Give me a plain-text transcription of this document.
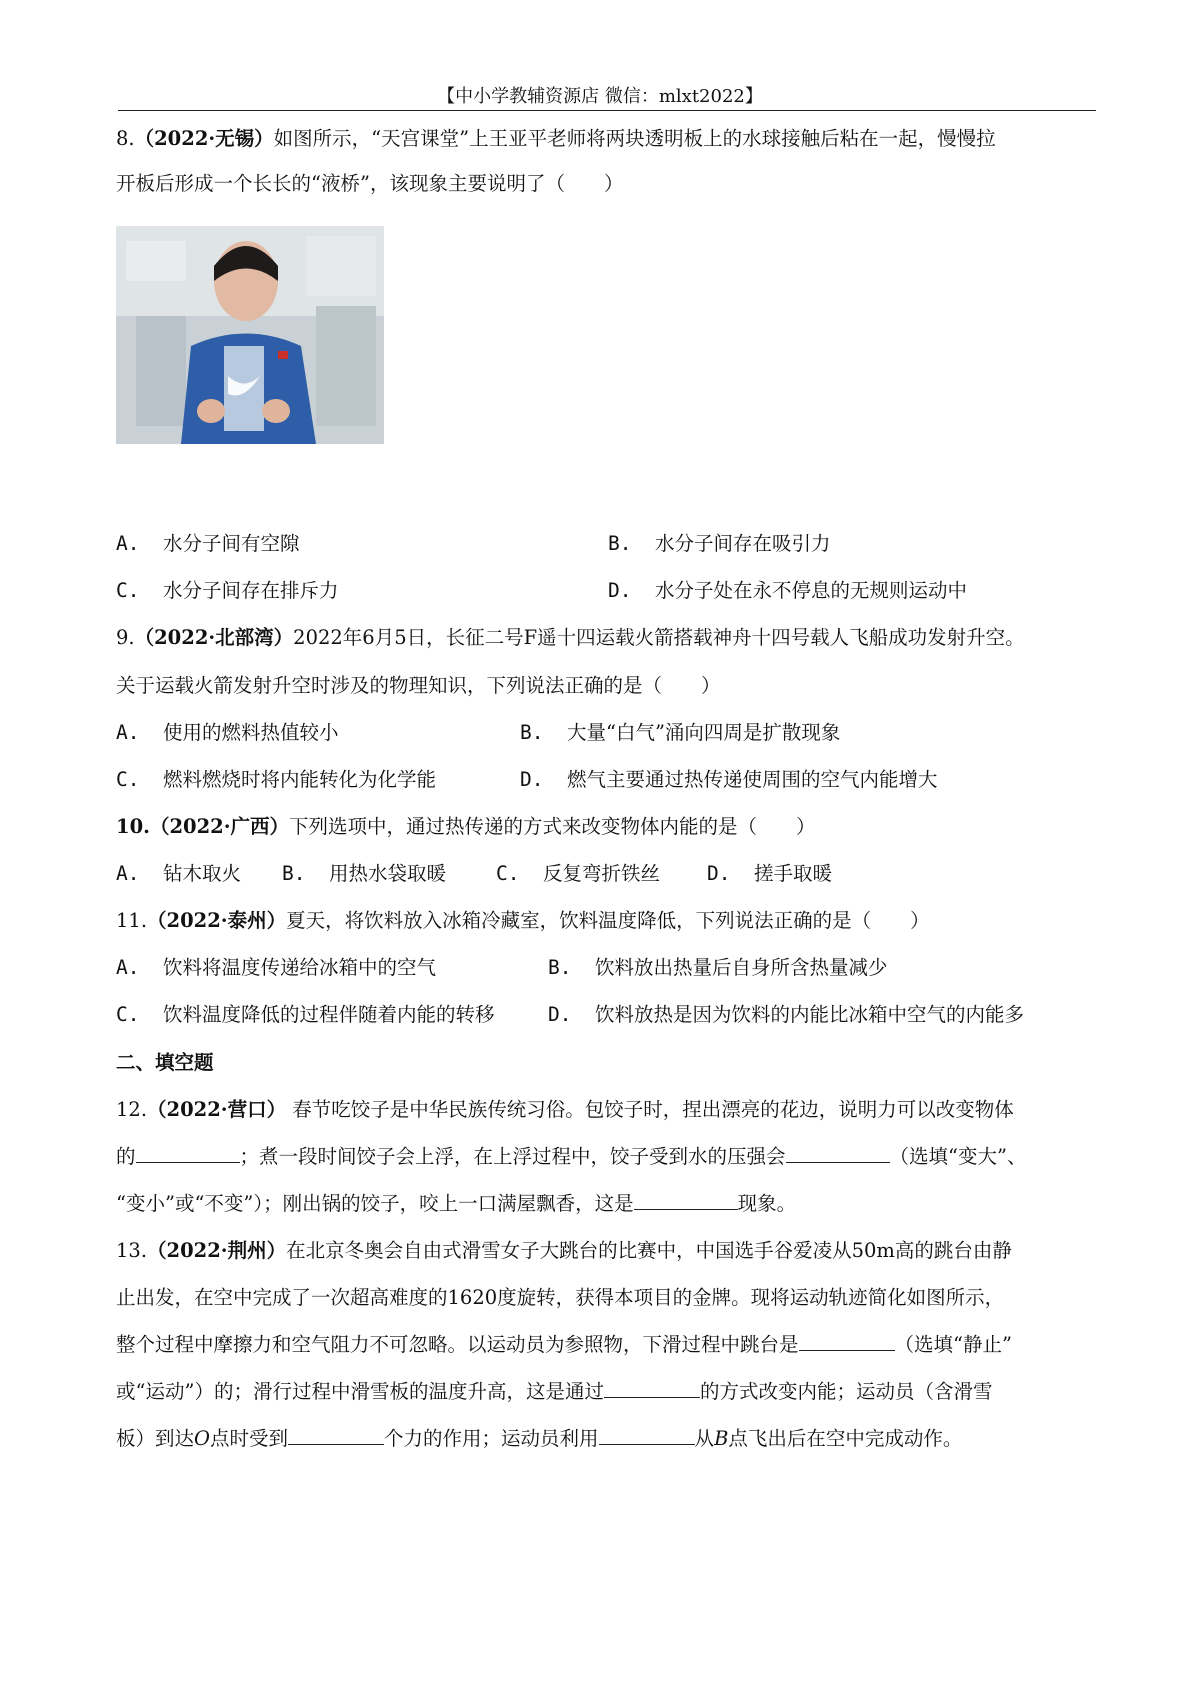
【中小学教辅资源店 微信：mlxt2022】
8.（2022·无锡）如图所示，“天宫课堂”上王亚平老师将两块透明板上的水球接触后粘在一起，慢慢拉
开板后形成一个长长的“液桥”，该现象主要说明了（　　）
A. 水分子间有空隙	B. 水分子间存在吸引力
C. 水分子间存在排斥力	D. 水分子处在永不停息的无规则运动中
9.（2022·北部湾）2022年6月5日，长征二号F遥十四运载火箭搭载神舟十四号载人飞船成功发射升空。
关于运载火箭发射升空时涉及的物理知识，下列说法正确的是（　　）
A. 使用的燃料热值较小	B. 大量“白气”涌向四周是扩散现象
C. 燃料燃烧时将内能转化为化学能	D. 燃气主要通过热传递使周围的空气内能增大
10.（2022·广西）下列选项中，通过热传递的方式来改变物体内能的是（　　）
A. 钻木取火 B. 用热水袋取暖	C. 反复弯折铁丝 D. 搓手取暖
11.（2022·泰州）夏天，将饮料放入冰箱冷藏室，饮料温度降低，下列说法正确的是（　　）
A. 饮料将温度传递给冰箱中的空气	B. 饮料放出热量后自身所含热量减少
C. 饮料温度降低的过程伴随着内能的转移	D. 饮料放热是因为饮料的内能比冰箱中空气的内能多
二、填空题
12.（2022·营口） 春节吃饺子是中华民族传统习俗。包饺子时，捏出漂亮的花边，说明力可以改变物体
的	；煮一段时间饺子会上浮，在上浮过程中，饺子受到水的压强会	（选填“变大”、
“变小”或“不变”）；刚出锅的饺子，咬上一口满屋飘香，这是	现象。
13.（2022·荆州）在北京冬奥会自由式滑雪女子大跳台的比赛中，中国选手谷爱凌从50m高的跳台由静
止出发，在空中完成了一次超高难度的1620度旋转，获得本项目的金牌。现将运动轨迹简化如图所示，
整个过程中摩擦力和空气阻力不可忽略。以运动员为参照物，下滑过程中跳台是	（选填“静止”
或“运动”）的；滑行过程中滑雪板的温度升高，这是通过	的方式改变内能；运动员（含滑雪
板）到达O点时受到	个力的作用；运动员利用	从B点飞出后在空中完成动作。
